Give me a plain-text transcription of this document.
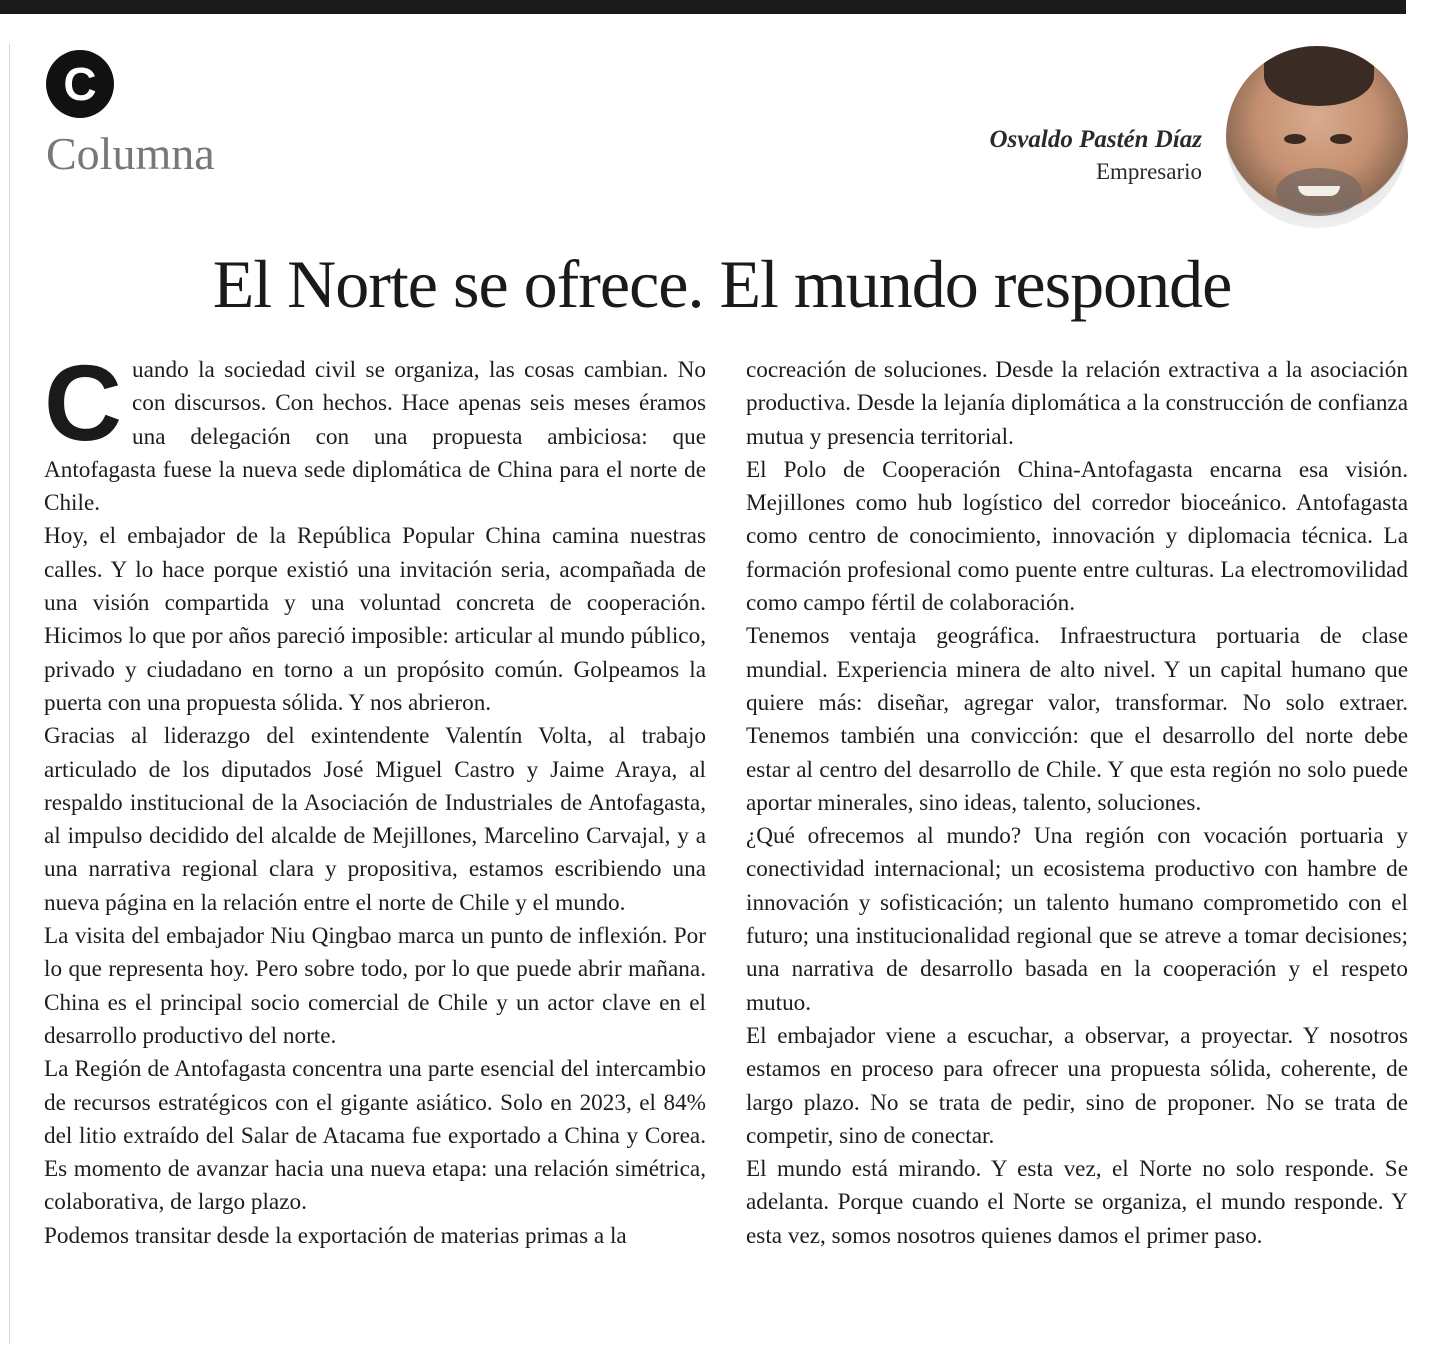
C
Columna	Osvaldo Pastén Díaz
Empresario
El Norte se ofrece. El mundo responde

Cuando la sociedad civil se organiza, las cosas cambian. No con discursos. Con hechos. Hace apenas seis meses éramos una delegación con una propuesta ambiciosa: que Antofagasta fuese la nueva sede diplomática de China para el norte de Chile.

Hoy, el embajador de la República Popular China camina nuestras calles. Y lo hace porque existió una invitación seria, acompañada de una visión compartida y una voluntad concreta de cooperación. Hicimos lo que por años pareció imposible: articular al mundo público, privado y ciudadano en torno a un propósito común. Golpeamos la puerta con una propuesta sólida. Y nos abrieron.

Gracias al liderazgo del exintendente Valentín Volta, al trabajo articulado de los diputados José Miguel Castro y Jaime Araya, al respaldo institucional de la Asociación de Industriales de Antofagasta, al impulso decidido del alcalde de Mejillones, Marcelino Carvajal, y a una narrativa regional clara y propositiva, estamos escribiendo una nueva página en la relación entre el norte de Chile y el mundo.

La visita del embajador Niu Qingbao marca un punto de inflexión. Por lo que representa hoy. Pero sobre todo, por lo que puede abrir mañana. China es el principal socio comercial de Chile y un actor clave en el desarrollo productivo del norte.

La Región de Antofagasta concentra una parte esencial del intercambio de recursos estratégicos con el gigante asiático. Solo en 2023, el 84% del litio extraído del Salar de Atacama fue exportado a China y Corea. Es momento de avanzar hacia una nueva etapa: una relación simétrica, colaborativa, de largo plazo.

Podemos transitar desde la exportación de materias primas a la

cocreación de soluciones. Desde la relación extractiva a la asociación productiva. Desde la lejanía diplomática a la construcción de confianza mutua y presencia territorial.

El Polo de Cooperación China-Antofagasta encarna esa visión. Mejillones como hub logístico del corredor bioceánico. Antofagasta como centro de conocimiento, innovación y diplomacia técnica. La formación profesional como puente entre culturas. La electromovilidad como campo fértil de colaboración.

Tenemos ventaja geográfica. Infraestructura portuaria de clase mundial. Experiencia minera de alto nivel. Y un capital humano que quiere más: diseñar, agregar valor, transformar. No solo extraer. Tenemos también una convicción: que el desarrollo del norte debe estar al centro del desarrollo de Chile. Y que esta región no solo puede aportar minerales, sino ideas, talento, soluciones.

¿Qué ofrecemos al mundo? Una región con vocación portuaria y conectividad internacional; un ecosistema productivo con hambre de innovación y sofisticación; un talento humano comprometido con el futuro; una institucionalidad regional que se atreve a tomar decisiones; una narrativa de desarrollo basada en la cooperación y el respeto mutuo.

El embajador viene a escuchar, a observar, a proyectar. Y nosotros estamos en proceso para ofrecer una propuesta sólida, coherente, de largo plazo. No se trata de pedir, sino de proponer. No se trata de competir, sino de conectar.

El mundo está mirando. Y esta vez, el Norte no solo responde. Se adelanta. Porque cuando el Norte se organiza, el mundo responde. Y esta vez, somos nosotros quienes damos el primer paso.
